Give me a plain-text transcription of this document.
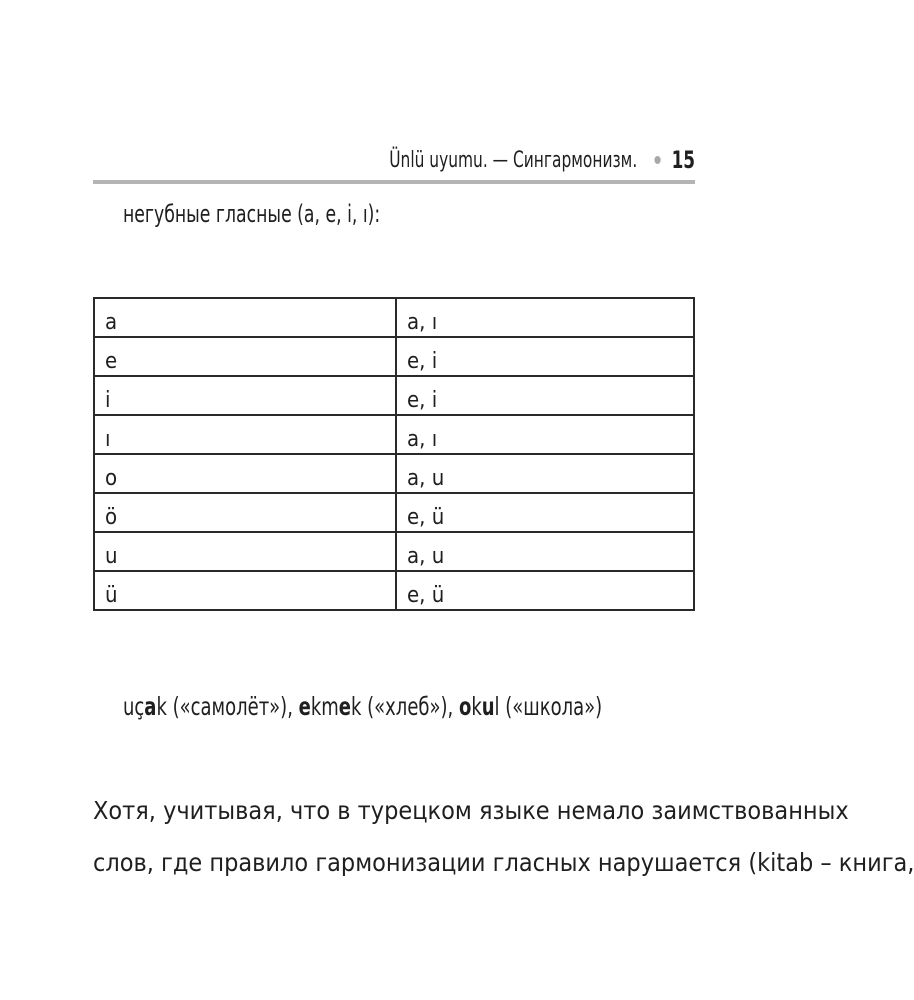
Ünlü uyumu. — Сингармонизм. 15
негубные гласные (a, e, i, ı):
a	a, ı
e	e, i
i	e, i
ı	a, ı
o	a, u
ö	e, ü
u	a, u
ü	e, ü
uçak («самолёт»), ekmek («хлеб»), okul («школа»)
Хотя, учитывая, что в турецком языке немало заимствованных
слов, где правило гармонизации гласных нарушается (kitab – книга,
